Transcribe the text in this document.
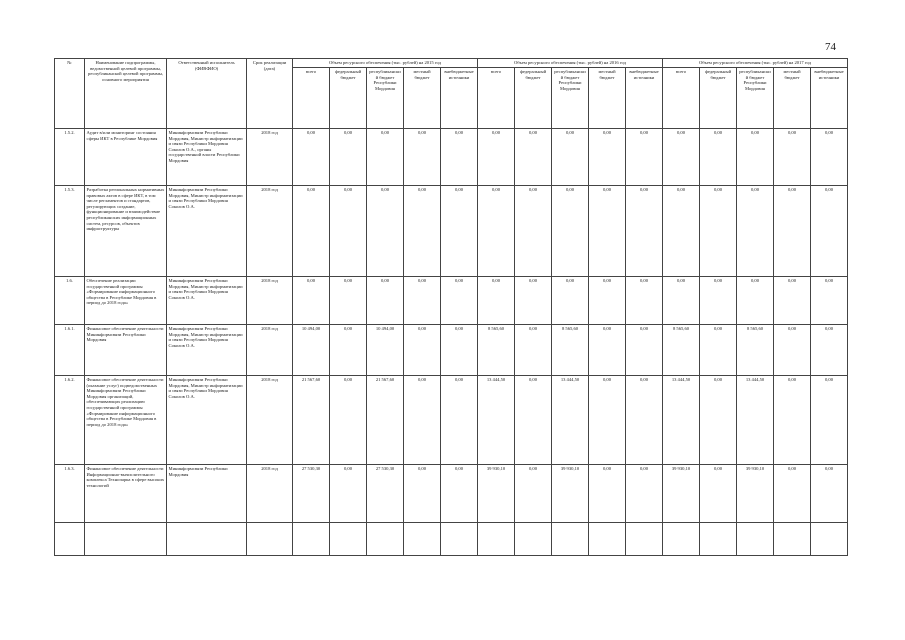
74
№	Наименование подпрограммы, ведомственной целевой программы, республиканской целевой программы, основного мероприятия	Ответственный исполнитель (ФИВФИО)	Срок реализации (дата)	Объем ресурсного обеспечения (тыс. рублей) на 2015 год					Объем ресурсного обеспечения (тыс. рублей) на 2016 год					Объем ресурсного обеспечения (тыс. рублей) на 2017 год				
				всего	федеральный бюджет	республиканский бюджет Республики Мордовия	местный бюджет	внебюджетные источники	всего	федеральный бюджет	республиканский бюджет Республики Мордовия	местный бюджет	внебюджетные источники	всего	федеральный бюджет	республиканский бюджет Республики Мордовия	местный бюджет	внебюджетные источники
1.5.2.	Аудит в/или мониторинг состояния сферы ИКТ в Республике Мордовия	Мининформсвязи Республики Мордовия, Министр информатизации и связи Республики Мордовия Соколов О.А., органы государственной власти Республики Мордовия	2018 год	0,00	0,00	0,00	0,00	0,00	0,00	0,00	0,00	0,00	0,00	0,00	0,00	0,00	0,00	0,00
1.5.3.	Разработка региональных нормативных правовых актов в сфере ИКТ, в том числе регламентов и стандартов, регулирующих создание, функционирование и взаимодействие республиканских информационных систем, ресурсов, объектов инфраструктуры	Мининформсвязи Республики Мордовия, Министр информатизации и связи Республики Мордовия Соколов О.А.	2018 год	0,00	0,00	0,00	0,00	0,00	0,00	0,00	0,00	0,00	0,00	0,00	0,00	0,00	0,00	0,00
1.6.	Обеспечение реализации государственной программы «Формирование информационного общества в Республике Мордовия в период до 2018 года»	Мининформсвязи Республики Мордовия, Министр информатизации и связи Республики Мордовия Соколов О.А.	2018 год	0,00	0,00	0,00	0,00	0,00	0,00	0,00	0,00	0,00	0,00	0,00	0,00	0,00	0,00	0,00
1.6.1.	Финансовое обеспечение деятельности Мининформсвязи Республики Мордовия	Мининформсвязи Республики Мордовия, Министр информатизации и связи Республики Мордовия Соколов О.А.	2018 год	10 494,00	0,00	10 494,00	0,00	0,00	8 565,60	0,00	8 565,60	0,00	0,00	8 565,60	0,00	8 565,60	0,00	0,00
1.6.2.	Финансовое обеспечение деятельности (оказание услуг) подведомственных Мининформсвязи Республики Мордовия организаций, обеспечивающих реализацию государственной программы «Формирование информационного общества в Республике Мордовия в период до 2018 года»	Мининформсвязи Республики Мордовия, Министр информатизации и связи Республики Мордовия Соколов О.А.	2018 год	21 567,60	0,00	21 567,60	0,00	0,00	13 444,50	0,00	13 444,50	0,00	0,00	13 444,50	0,00	13 444,50	0,00	0,00
1.6.3.	Финансовое обеспечение деятельности Информационно-вычислительного комплекса Технопарка в сфере высоких технологий	Мининформсвязи Республики Мордовия	2018 год	27 530,30	0,00	27 530,30	0,00	0,00	39 930,10	0,00	39 930,10	0,00	0,00	39 930,10	0,00	39 930,10	0,00	0,00
